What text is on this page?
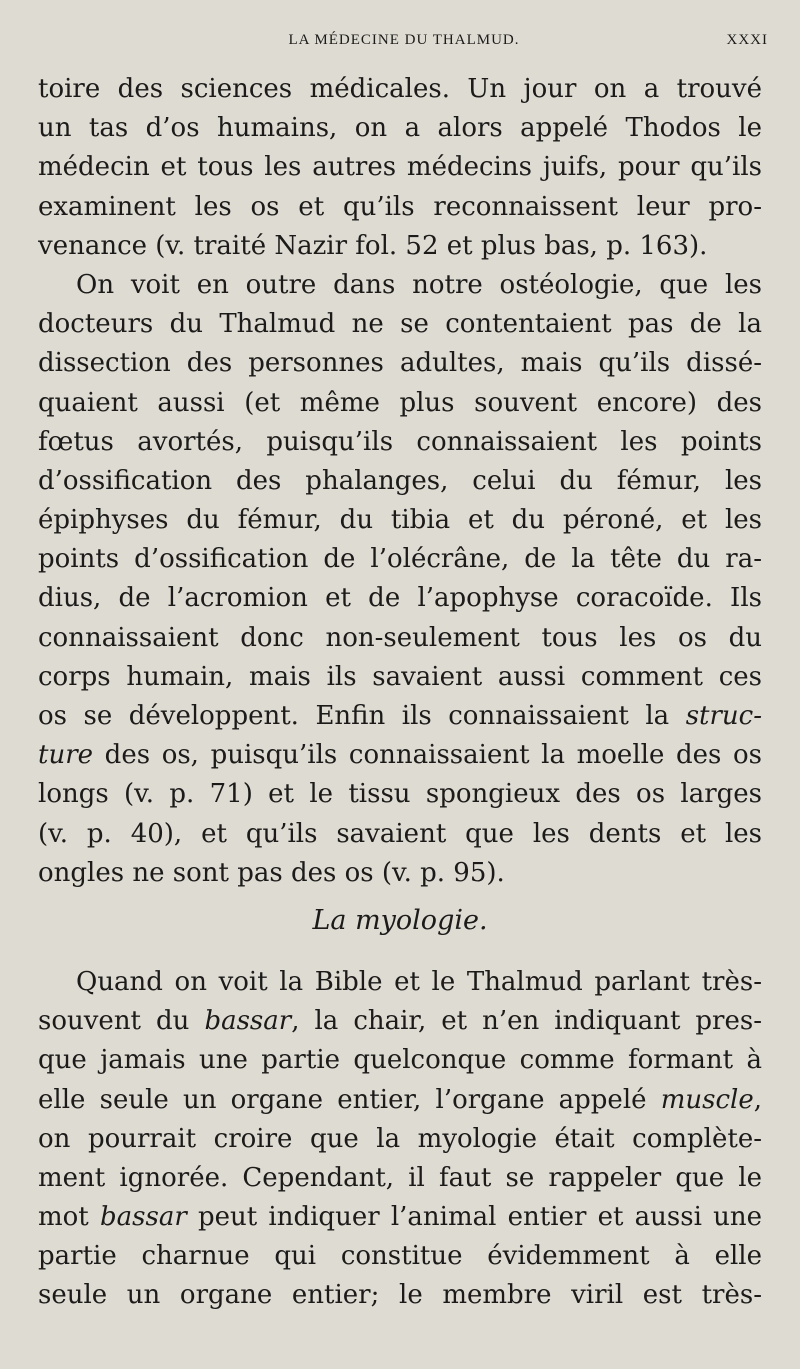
LA MÉDECINE DU THALMUD.	XXXI
toire des sciences médicales. Un jour on a trouvé
un tas d’os humains, on a alors appelé Thodos le
médecin et tous les autres médecins juifs, pour qu’ils
examinent les os et qu’ils reconnaissent leur pro-
venance (v. traité Nazir fol. 52 et plus bas, p. 163).
On voit en outre dans notre ostéologie, que les
docteurs du Thalmud ne se contentaient pas de la
dissection des personnes adultes, mais qu’ils dissé-
quaient aussi (et même plus souvent encore) des
fœtus avortés, puisqu’ils connaissaient les points
d’ossification des phalanges, celui du fémur, les
épiphyses du fémur, du tibia et du péroné, et les
points d’ossification de l’olécrâne, de la tête du ra-
dius, de l’acromion et de l’apophyse coracoïde. Ils
connaissaient donc non-seulement tous les os du
corps humain, mais ils savaient aussi comment ces
os se développent. Enfin ils connaissaient la struc-
ture des os, puisqu’ils connaissaient la moelle des os
longs (v. p. 71) et le tissu spongieux des os larges
(v. p. 40), et qu’ils savaient que les dents et les
ongles ne sont pas des os (v. p. 95).
La myologie.
Quand on voit la Bible et le Thalmud parlant très-
souvent du bassar, la chair, et n’en indiquant pres-
que jamais une partie quelconque comme formant à
elle seule un organe entier, l’organe appelé muscle,
on pourrait croire que la myologie était complète-
ment ignorée. Cependant, il faut se rappeler que le
mot bassar peut indiquer l’animal entier et aussi une
partie charnue qui constitue évidemment à elle
seule un organe entier; le membre viril est très-
